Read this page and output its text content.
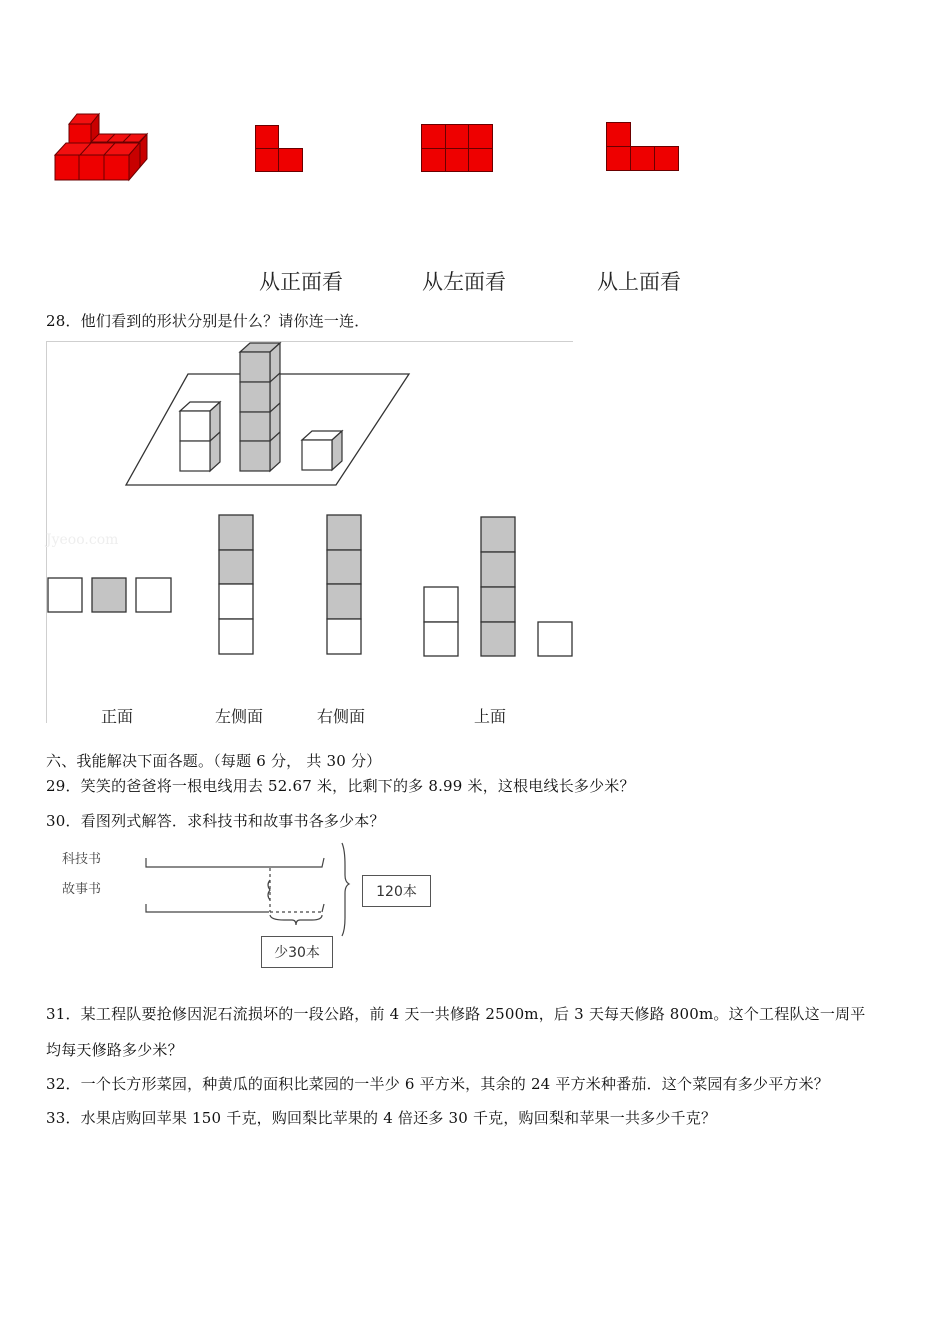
从正面看	从左面看	从上面看
28．他们看到的形状分别是什么？请你连一连．
Jyeoo.com
正面	左侧面	右侧面	上面
六、我能解决下面各题。（每题 6 分， 共 30 分）
29．笑笑的爸爸将一根电线用去 52.67 米，比剩下的多 8.99 米，这根电线长多少米？
30．看图列式解答．求科技书和故事书各多少本？
科技书
故事书	120本
少30本
31．某工程队要抢修因泥石流损坏的一段公路，前 4 天一共修路 2500m，后 3 天每天修路 800m。这个工程队这一周平
均每天修路多少米？
32．一个长方形菜园，种黄瓜的面积比菜园的一半少 6 平方米，其余的 24 平方米种番茄．这个菜园有多少平方米？
33．水果店购回苹果 150 千克，购回梨比苹果的 4 倍还多 30 千克，购回梨和苹果一共多少千克？
